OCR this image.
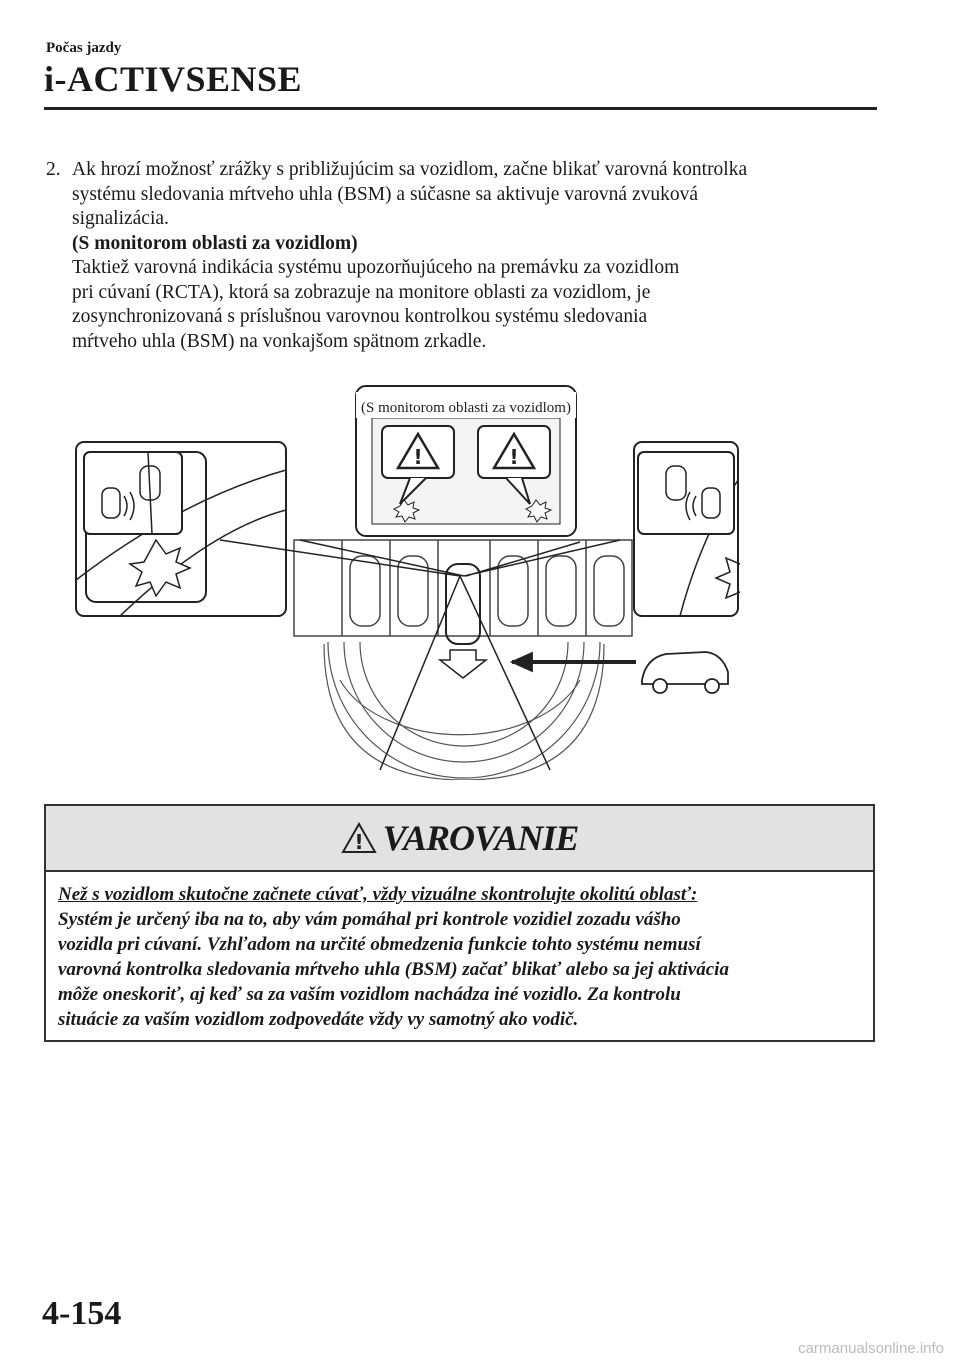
Počas jazdy
i-ACTIVSENSE
2. Ak hrozí možnosť zrážky s približujúcim sa vozidlom, začne blikať varovná kontrolka
systému sledovania mŕtveho uhla (BSM) a súčasne sa aktivuje varovná zvuková
signalizácia.
(S monitorom oblasti za vozidlom)
Taktiež varovná indikácia systému upozorňujúceho na premávku za vozidlom
pri cúvaní (RCTA), ktorá sa zobrazuje na monitore oblasti za vozidlom, je
zosynchronizovaná s príslušnou varovnou kontrolkou systému sledovania
mŕtveho uhla (BSM) na vonkajšom spätnom zrkadle.
!	!
(S monitorom oblasti za vozidlom)
! VAROVANIE
Než s vozidlom skutočne začnete cúvať, vždy vizuálne skontrolujte okolitú oblasť:
Systém je určený iba na to, aby vám pomáhal pri kontrole vozidiel zozadu vášho
vozidla pri cúvaní. Vzhľadom na určité obmedzenia funkcie tohto systému nemusí
varovná kontrolka sledovania mŕtveho uhla (BSM) začať blikať alebo sa jej aktivácia
môže oneskoriť, aj keď sa za vaším vozidlom nachádza iné vozidlo. Za kontrolu
situácie za vaším vozidlom zodpovedáte vždy vy samotný ako vodič.
4-154
carmanualsonline.info
